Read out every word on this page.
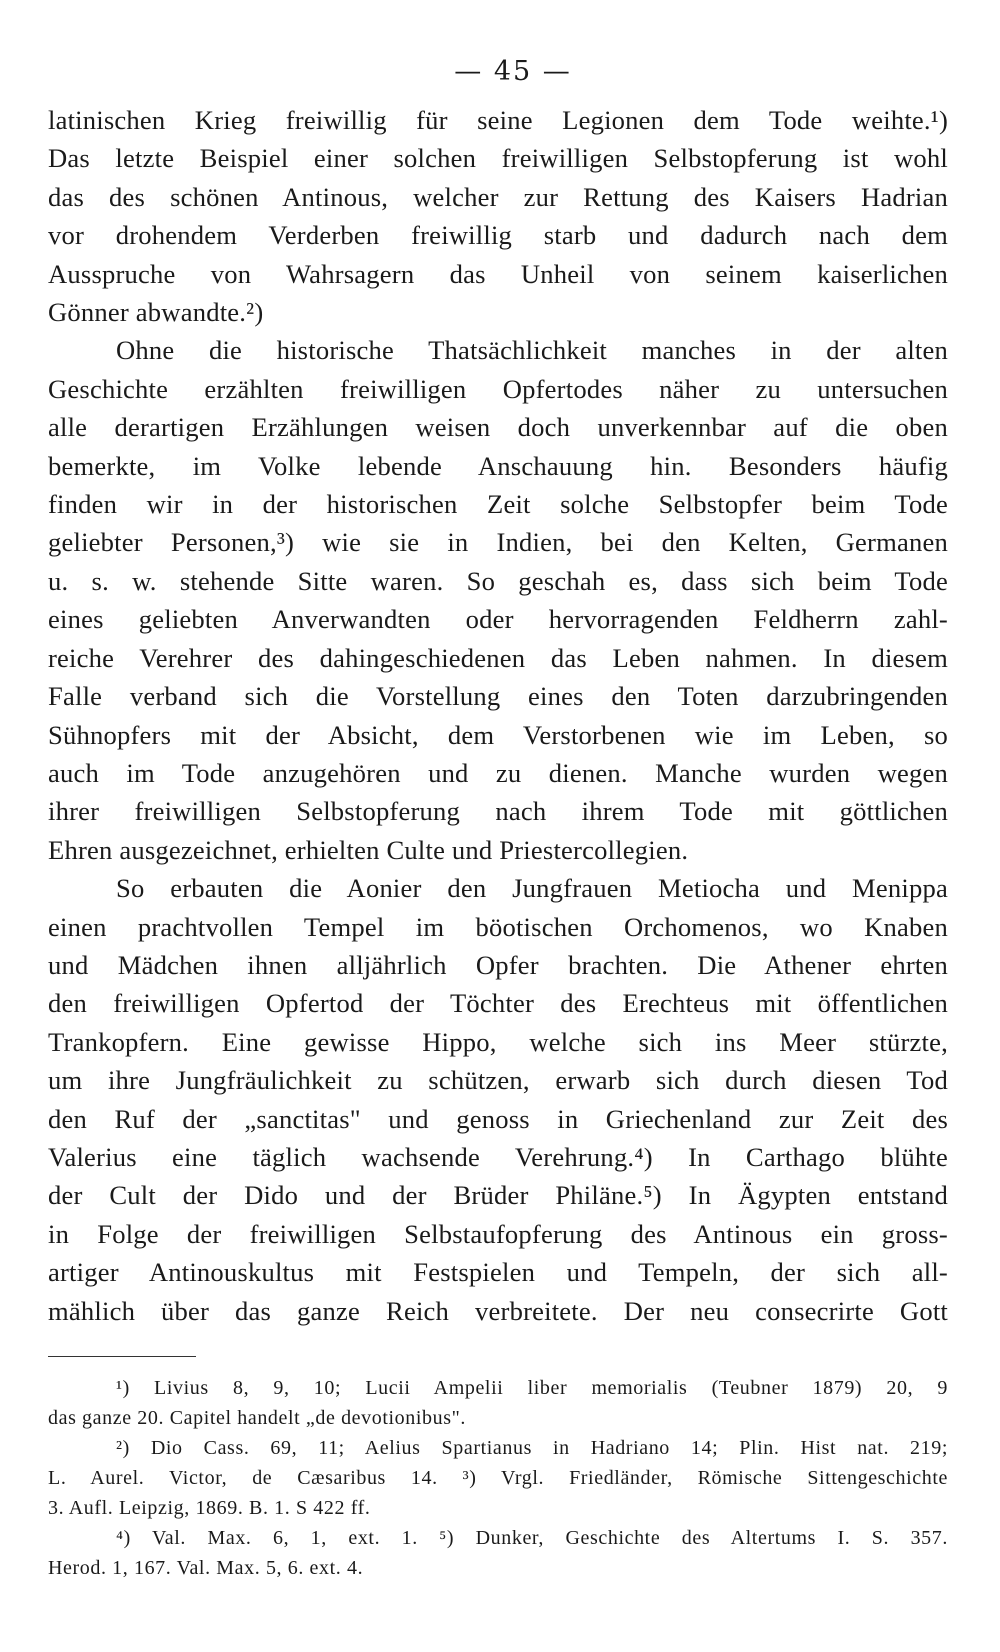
— 45 —
latinischen Krieg freiwillig für seine Legionen dem Tode weihte.¹)
Das letzte Beispiel einer solchen freiwilligen Selbstopferung ist wohl
das des schönen Antinous, welcher zur Rettung des Kaisers Hadrian
vor drohendem Verderben freiwillig starb und dadurch nach dem
Ausspruche von Wahrsagern das Unheil von seinem kaiserlichen
Gönner abwandte.²)
Ohne die historische Thatsächlichkeit manches in der alten
Geschichte erzählten freiwilligen Opfertodes näher zu untersuchen
alle derartigen Erzählungen weisen doch unverkennbar auf die oben
bemerkte, im Volke lebende Anschauung hin. Besonders häufig
finden wir in der historischen Zeit solche Selbstopfer beim Tode
geliebter Personen,³) wie sie in Indien, bei den Kelten, Germanen
u. s. w. stehende Sitte waren. So geschah es, dass sich beim Tode
eines geliebten Anverwandten oder hervorragenden Feldherrn zahl-
reiche Verehrer des dahingeschiedenen das Leben nahmen. In diesem
Falle verband sich die Vorstellung eines den Toten darzubringenden
Sühnopfers mit der Absicht, dem Verstorbenen wie im Leben, so
auch im Tode anzugehören und zu dienen. Manche wurden wegen
ihrer freiwilligen Selbstopferung nach ihrem Tode mit göttlichen
Ehren ausgezeichnet, erhielten Culte und Priestercollegien.
So erbauten die Aonier den Jungfrauen Metiocha und Menippa
einen prachtvollen Tempel im böotischen Orchomenos, wo Knaben
und Mädchen ihnen alljährlich Opfer brachten. Die Athener ehrten
den freiwilligen Opfertod der Töchter des Erechteus mit öffentlichen
Trankopfern. Eine gewisse Hippo, welche sich ins Meer stürzte,
um ihre Jungfräulichkeit zu schützen, erwarb sich durch diesen Tod
den Ruf der „sanctitas" und genoss in Griechenland zur Zeit des
Valerius eine täglich wachsende Verehrung.⁴) In Carthago blühte
der Cult der Dido und der Brüder Philäne.⁵) In Ägypten entstand
in Folge der freiwilligen Selbstaufopferung des Antinous ein gross-
artiger Antinouskultus mit Festspielen und Tempeln, der sich all-
mählich über das ganze Reich verbreitete. Der neu consecrirte Gott
¹) Livius 8, 9, 10; Lucii Ampelii liber memorialis (Teubner 1879) 20, 9
das ganze 20. Capitel handelt „de devotionibus".
²) Dio Cass. 69, 11; Aelius Spartianus in Hadriano 14; Plin. Hist nat. 219;
L. Aurel. Victor, de Cæsaribus 14. ³) Vrgl. Friedländer, Römische Sittengeschichte
3. Aufl. Leipzig, 1869. B. 1. S 422 ff.
⁴) Val. Max. 6, 1, ext. 1. ⁵) Dunker, Geschichte des Altertums I. S. 357.
Herod. 1, 167. Val. Max. 5, 6. ext. 4.
